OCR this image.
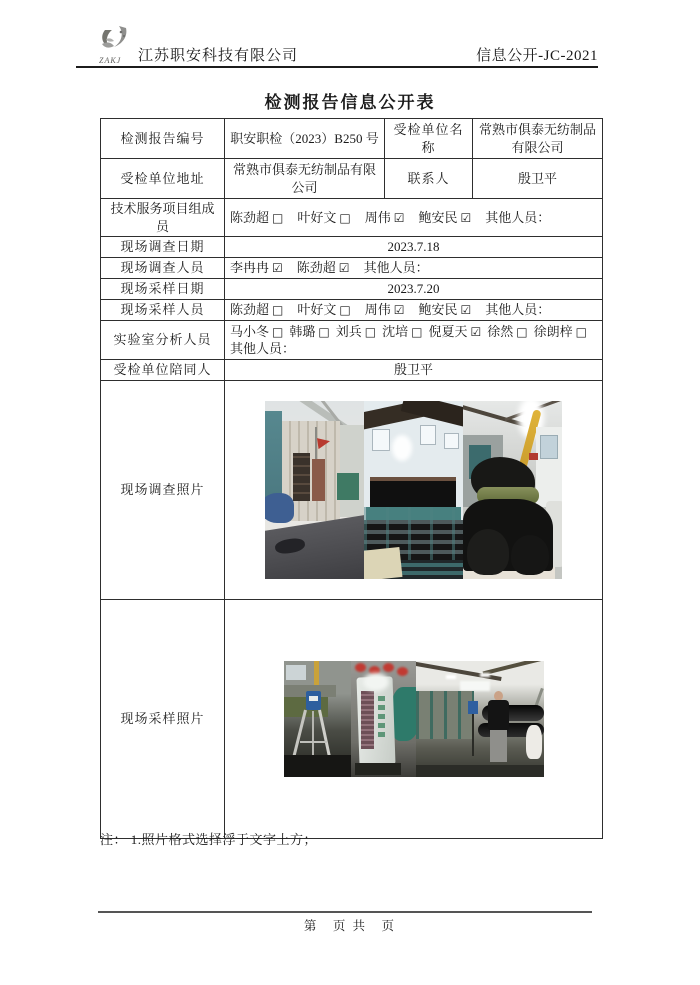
ZAKJ 江苏职安科技有限公司	信息公开-JC-2021
检测报告信息公开表
检测报告编号	职安职检（2023）B250 号	受检单位名称	常熟市俱泰无纺制品有限公司
受检单位地址	常熟市俱泰无纺制品有限公司	联系人	殷卫平
技术服务项目组成员	陈劲超 □ 叶好文 □ 周伟 ☑ 鲍安民 ☑ 其他人员：		
现场调查日期	2023.7.18		
现场调查人员	李冉冉 ☑ 陈劲超 ☑ 其他人员：		
现场采样日期	2023.7.20		
现场采样人员	陈劲超 □ 叶好文 □ 周伟 ☑ 鲍安民 ☑ 其他人员：		
实验室分析人员	马小冬 □ 韩璐 □ 刘兵 □ 沈培 □ 倪夏天 ☑ 徐然 □ 徐朗梓 □
其他人员：		

受检单位陪同人	殷卫平		
现场调查照片			

现场采样照片			
注： 1.照片格式选择浮于文字上方；
第　页 共　页
